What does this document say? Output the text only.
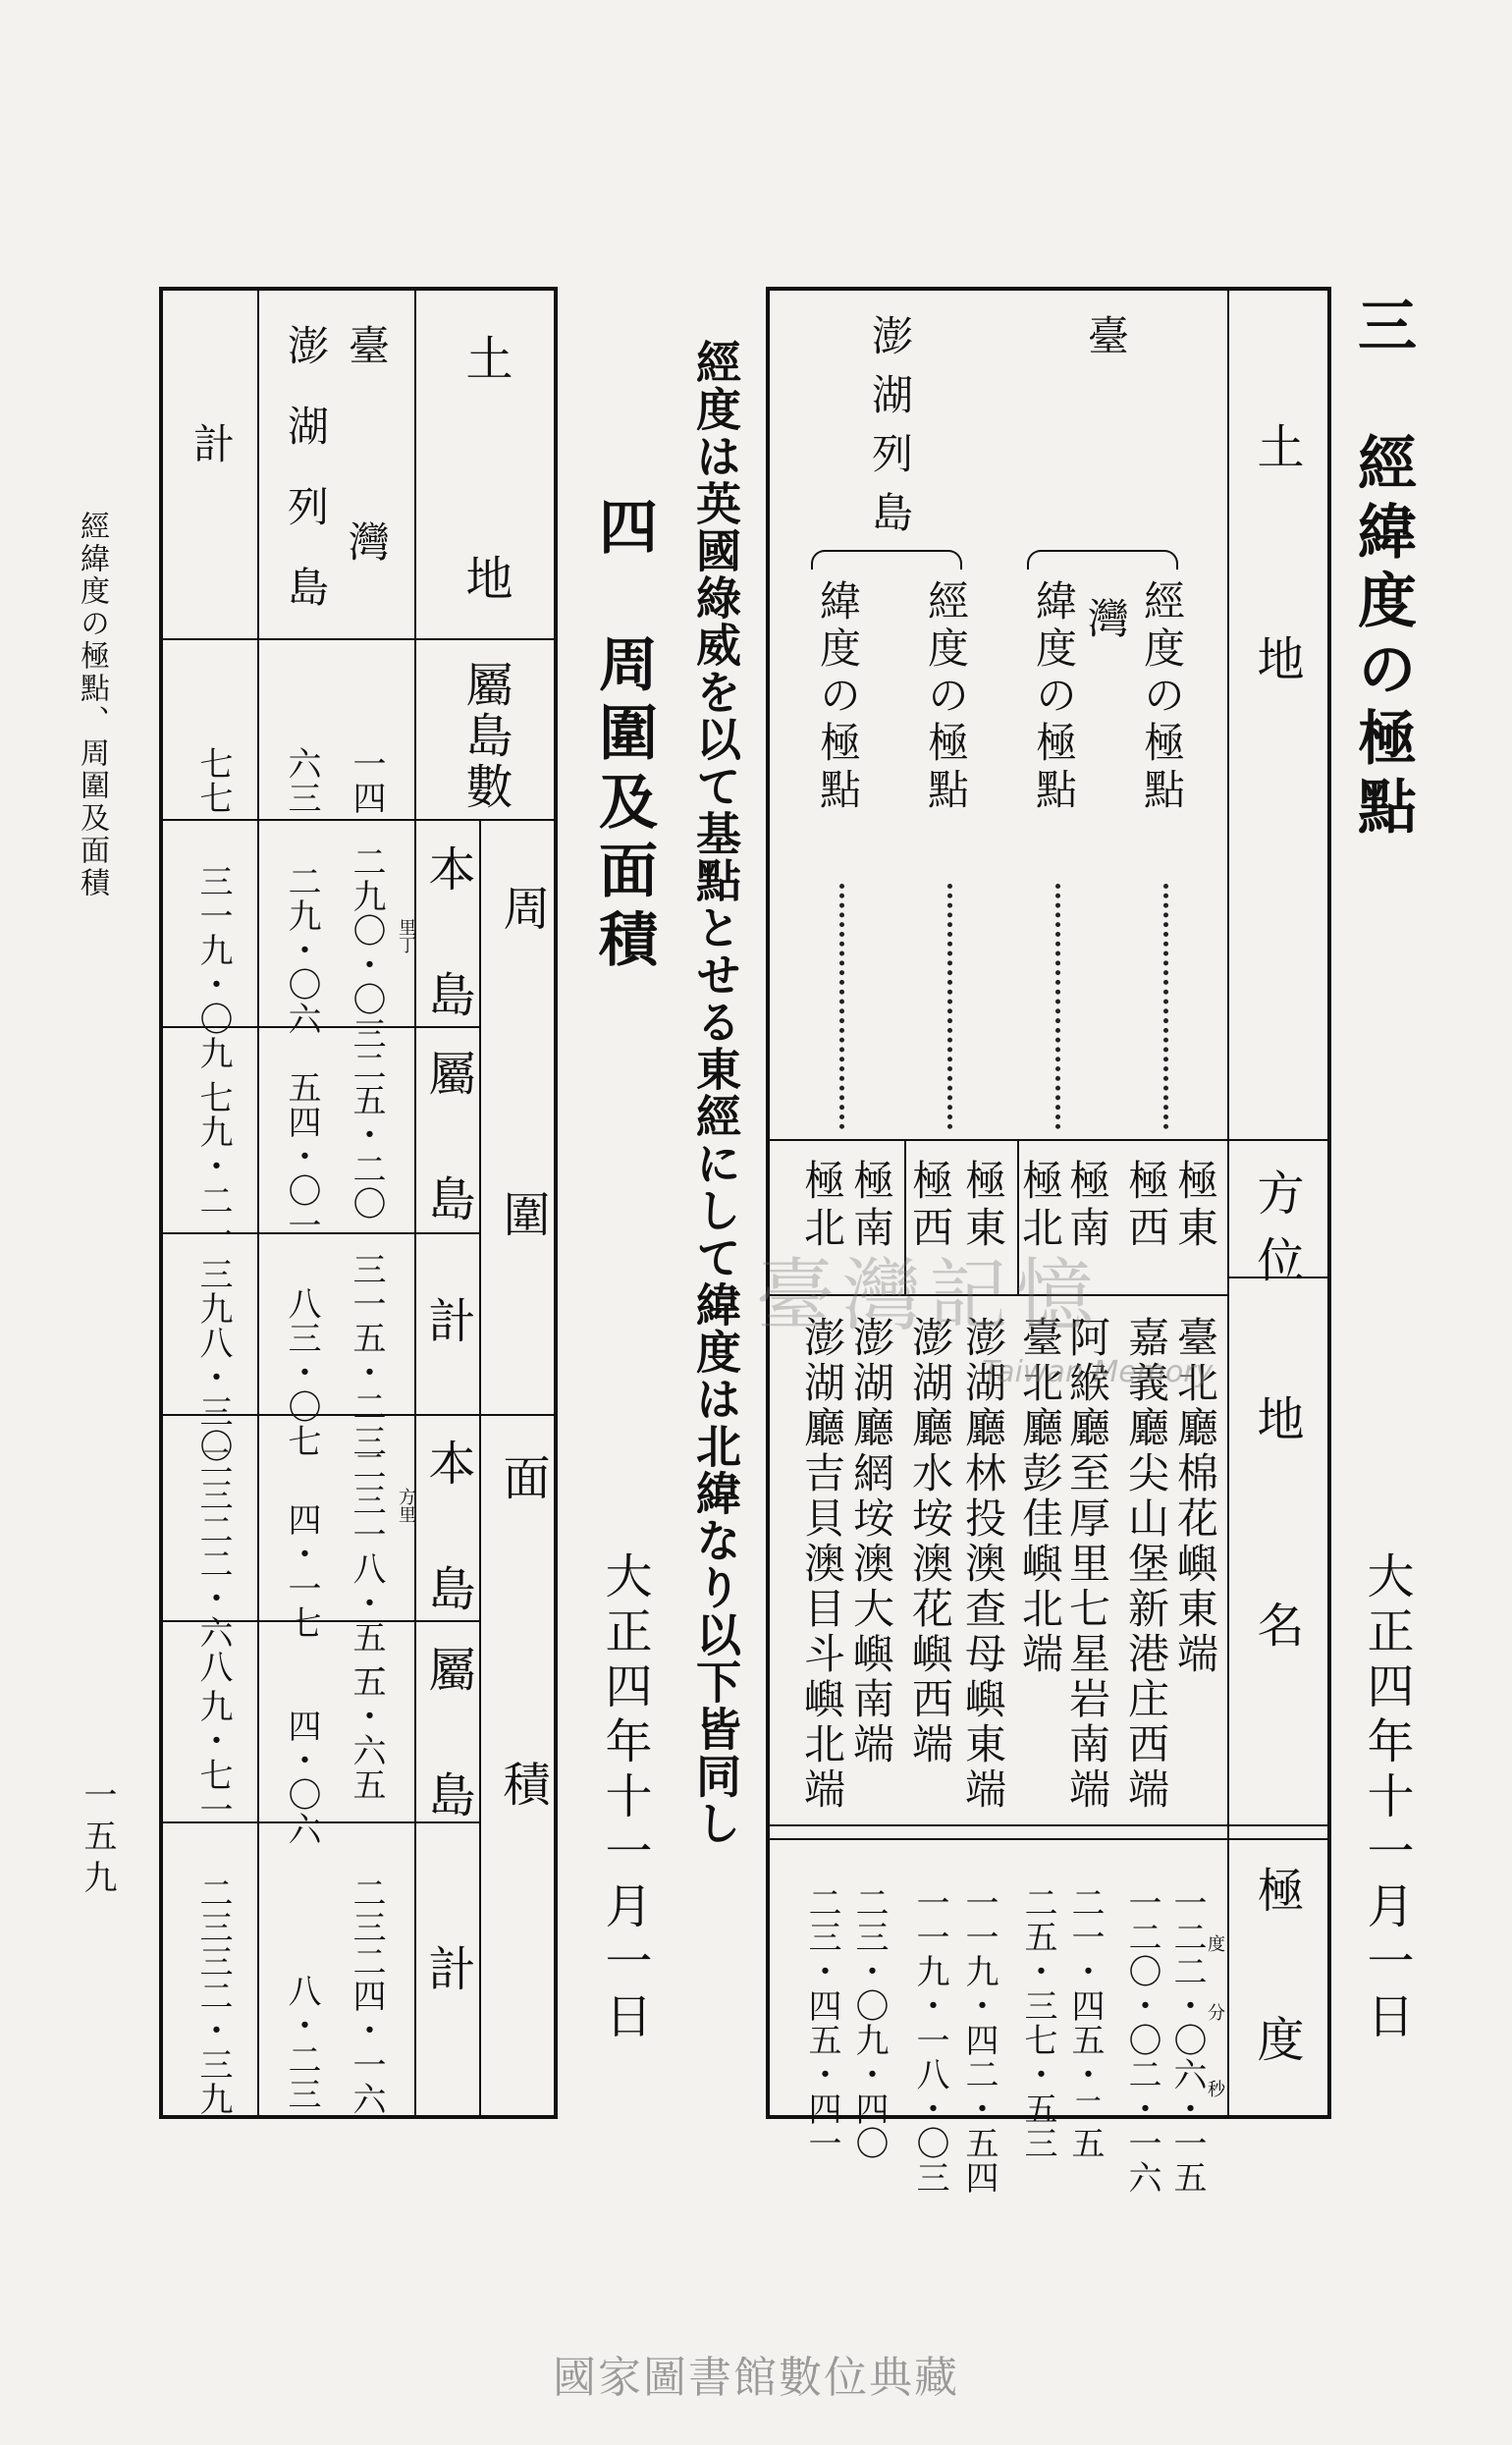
三　經緯度の極點
大正四年十一月一日
土　　地
方位
地　　名
極　度
度
分
秒
臺　　　灣
澎湖列島
經度の極點
緯度の極點
經度の極點
緯度の極點
極東
極西
極南
極北
極東
極西
極南
極北
臺北廳棉花嶼東端
嘉義廳尖山堡新港庄西端
阿緱廳至厚里七星岩南端
臺北廳彭佳嶼北端
澎湖廳林投澳查母嶼東端
澎湖廳水垵澳花嶼西端
澎湖廳網垵澳大嶼南端
澎湖廳吉貝澳目斗嶼北端
一二二・〇六・一五
一二〇・〇二・一六
二一・四五・二五
二五・三七・五三
一一九・四二・五四
一一九・一八・〇三
二三・〇九・四〇
二三・四五・四一
經度は英國綠威を以て基點とせる東經にして緯度は北緯なり以下皆同し
四　周圍及面積
大正四年十一月一日
土　地
屬島數
周　　　圍
面　　　積
本　島
屬　島
計
本　島
屬　島
計
里丁
方里
臺　灣
澎湖列島
計
一四
六三
七七
二九〇・〇三
二五・二〇
三一五・二三
二九・〇六
五四・〇一
八三・〇七
三一九・〇九
七九・二一
三九八・三〇
二三一八・五一
五・六五
二三二四・一六
四・一七
四・〇六
八・二三
二三二二・六八
九・七一
二三三二・三九
經緯度の極點、周圍及面積
一五九
臺灣記憶
Taiwan Memory
國家圖書館數位典藏
